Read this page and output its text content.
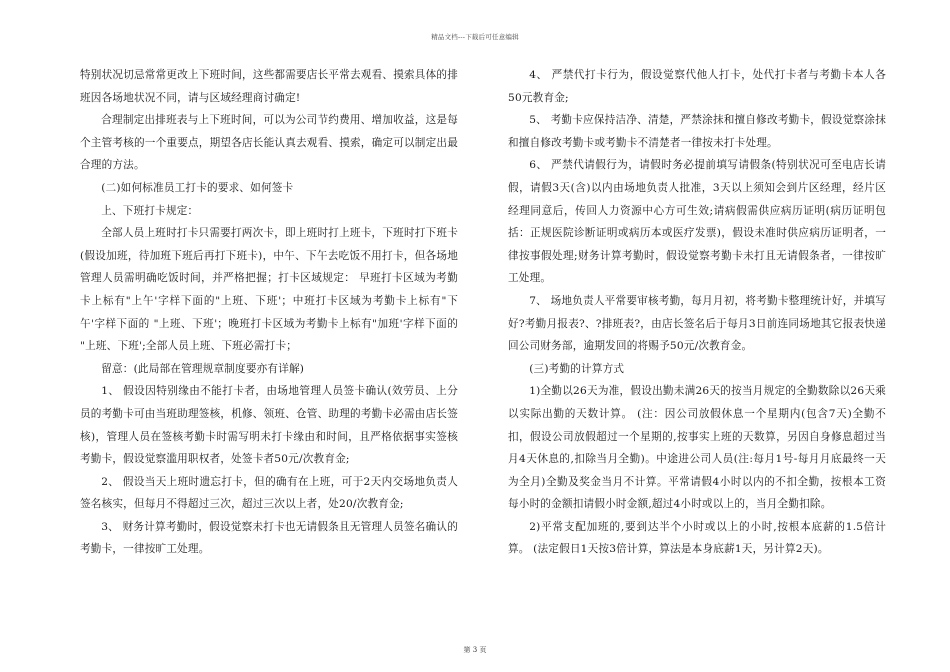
精品文档---下载后可任意编辑

特别状况切忌常常更改上下班时间，这些都需要店长平常去观看、摸索具体的排班因各场地状况不同，请与区域经理商讨确定!

合理制定出排班表与上下班时间，可以为公司节约费用、增加收益，这是每个主管考核的一个重要点，期望各店长能认真去观看、摸索，确定可以制定出最合理的方法。

(二)如何标准员工打卡的要求、如何签卡

上、下班打卡规定：

全部人员上班时打卡只需要打两次卡，即上班时打上班卡，下班时打下班卡(假设加班，待加班下班后再打下班卡)，中午、下午去吃饭不用打卡，但各场地管理人员需明确吃饭时间，并严格把握；打卡区域规定： 早班打卡区域为考勤卡上标有"上午'字样下面的"上班、下班'；中班打卡区域为考勤卡上标有"下午'字样下面的 "上班、下班'；晚班打卡区域为考勤卡上标有"加班'字样下面的 "上班、下班';全部人员上班、下班必需打卡；

留意：(此局部在管理规章制度要亦有详解)

1、 假设因特别缘由不能打卡者，由场地管理人员签卡确认(效劳员、上分员的考勤卡可由当班助理签核，机修、领班、仓管、助理的考勤卡必需由店长签核)，管理人员在签核考勤卡时需写明未打卡缘由和时间，且严格依据事实签核考勤卡，假设觉察滥用职权者，处签卡者50元/次教育金;

2、 假设当天上班时遗忘打卡，但的确有在上班，可于2天内交场地负责人签名核实，但每月不得超过三次，超过三次以上者，处20/次教育金;

3、 财务计算考勤时，假设觉察未打卡也无请假条且无管理人员签名确认的考勤卡，一律按旷工处理。

4、 严禁代打卡行为，假设觉察代他人打卡，处代打卡者与考勤卡本人各50元教育金;

5、 考勤卡应保持洁净、清楚，严禁涂抹和擅自修改考勤卡，假设觉察涂抹和擅自修改考勤卡或考勤卡不清楚者一律按未打卡处理。

6、 严禁代请假行为，请假时务必提前填写请假条(特别状况可至电店长请假，请假3天(含)以内由场地负责人批准，3天以上须知会到片区经理，经片区经理同意后，传回人力资源中心方可生效;请病假需供应病历证明(病历证明包括：正规医院诊断证明或病历本或医疗发票)，假设未准时供应病历证明者，一律按事假处理;财务计算考勤时，假设觉察考勤卡未打且无请假条者，一律按旷工处理。

7、 场地负责人平常要审核考勤，每月月初，将考勤卡整理统计好，并填写好?考勤月报表?、?排班表?，由店长签名后于每月3日前连同场地其它报表快递回公司财务部，逾期发回的将赐予50元/次教育金。

(三)考勤的计算方式

1)全勤以26天为准，假设出勤未满26天的按当月规定的全勤数除以26天乘以实际出勤的天数计算。 (注：因公司放假休息一个星期内(包含7天)全勤不扣，假设公司放假超过一个星期的,按事实上班的天数算，另因自身修息超过当月4天休息的,扣除当月全勤)。中途进公司人员(注:每月1号-每月月底最终一天为全月)全勤及奖金当月不计算。平常请假4小时以内的不扣全勤，按根本工资每小时的金额扣请假小时金额,超过4小时或以上的，当月全勤扣除。

2)平常支配加班的,要到达半个小时或以上的小时,按根本底薪的1.5倍计算。 (法定假日1天按3倍计算，算法是本身底薪1天，另计算2天)。

第 3 页
